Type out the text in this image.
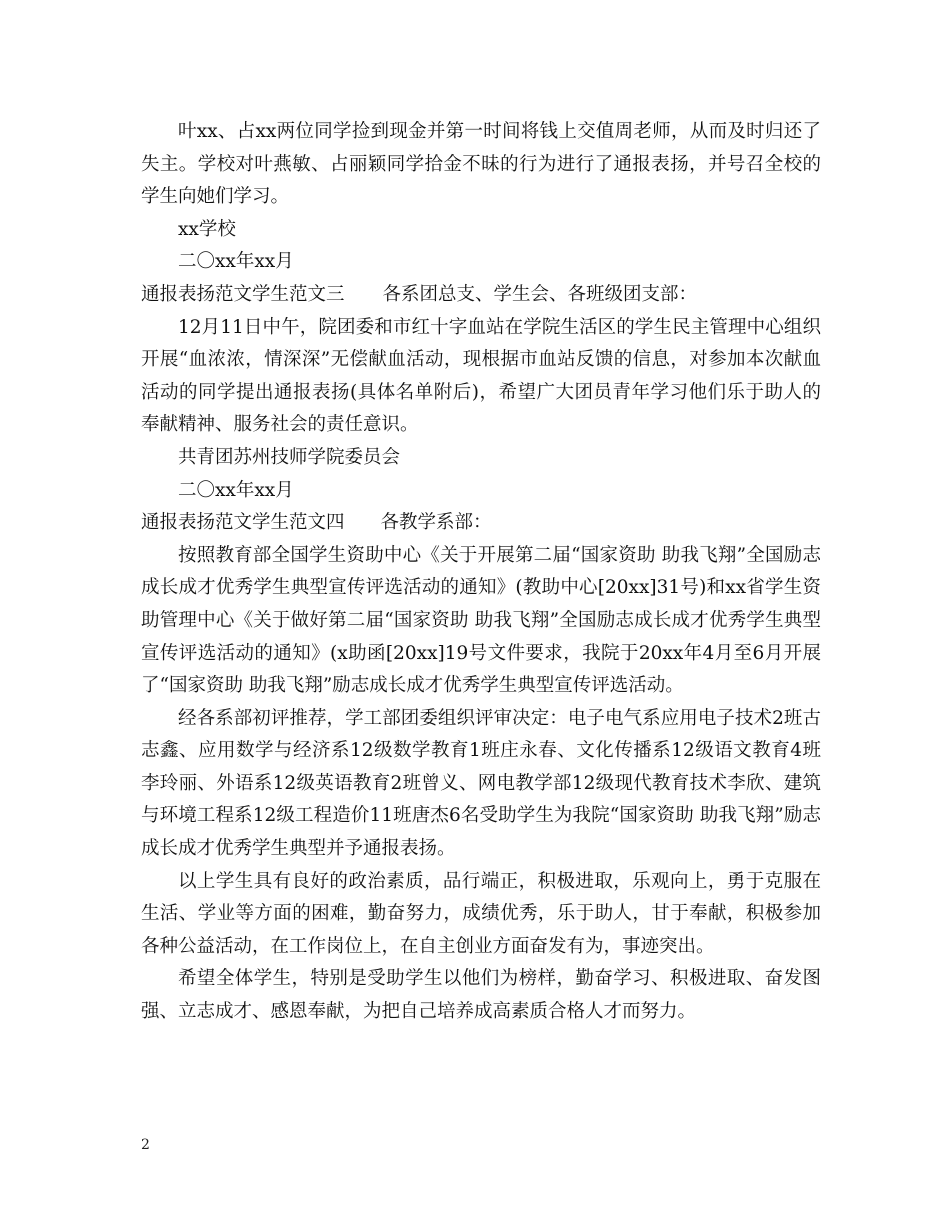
叶xx、占xx两位同学捡到现金并第一时间将钱上交值周老师，从而及时归还了失主。学校对叶燕敏、占丽颖同学拾金不昧的行为进行了通报表扬，并号召全校的学生向她们学习。

xx学校

二〇xx年xx月

通报表扬范文学生范文三 各系团总支、学生会、各班级团支部：

12月11日中午，院团委和市红十字血站在学院生活区的学生民主管理中心组织开展“血浓浓，情深深”无偿献血活动，现根据市血站反馈的信息，对参加本次献血活动的同学提出通报表扬(具体名单附后)，希望广大团员青年学习他们乐于助人的奉献精神、服务社会的责任意识。

共青团苏州技师学院委员会

二〇xx年xx月

通报表扬范文学生范文四 各教学系部：

按照教育部全国学生资助中心《关于开展第二届“国家资助 助我飞翔”全国励志成长成才优秀学生典型宣传评选活动的通知》(教助中心[20xx]31号)和xx省学生资助管理中心《关于做好第二届“国家资助 助我飞翔”全国励志成长成才优秀学生典型宣传评选活动的通知》(x助函[20xx]19号文件要求，我院于20xx年4月至6月开展了“国家资助 助我飞翔”励志成长成才优秀学生典型宣传评选活动。

经各系部初评推荐，学工部团委组织评审决定：电子电气系应用电子技术2班古志鑫、应用数学与经济系12级数学教育1班庄永春、文化传播系12级语文教育4班李玲丽、外语系12级英语教育2班曾义、网电教学部12级现代教育技术李欣、建筑与环境工程系12级工程造价11班唐杰6名受助学生为我院“国家资助 助我飞翔”励志成长成才优秀学生典型并予通报表扬。

以上学生具有良好的政治素质，品行端正，积极进取，乐观向上，勇于克服在生活、学业等方面的困难，勤奋努力，成绩优秀，乐于助人，甘于奉献，积极参加各种公益活动，在工作岗位上，在自主创业方面奋发有为，事迹突出。

希望全体学生，特别是受助学生以他们为榜样，勤奋学习、积极进取、奋发图强、立志成才、感恩奉献，为把自己培养成高素质合格人才而努力。

2
